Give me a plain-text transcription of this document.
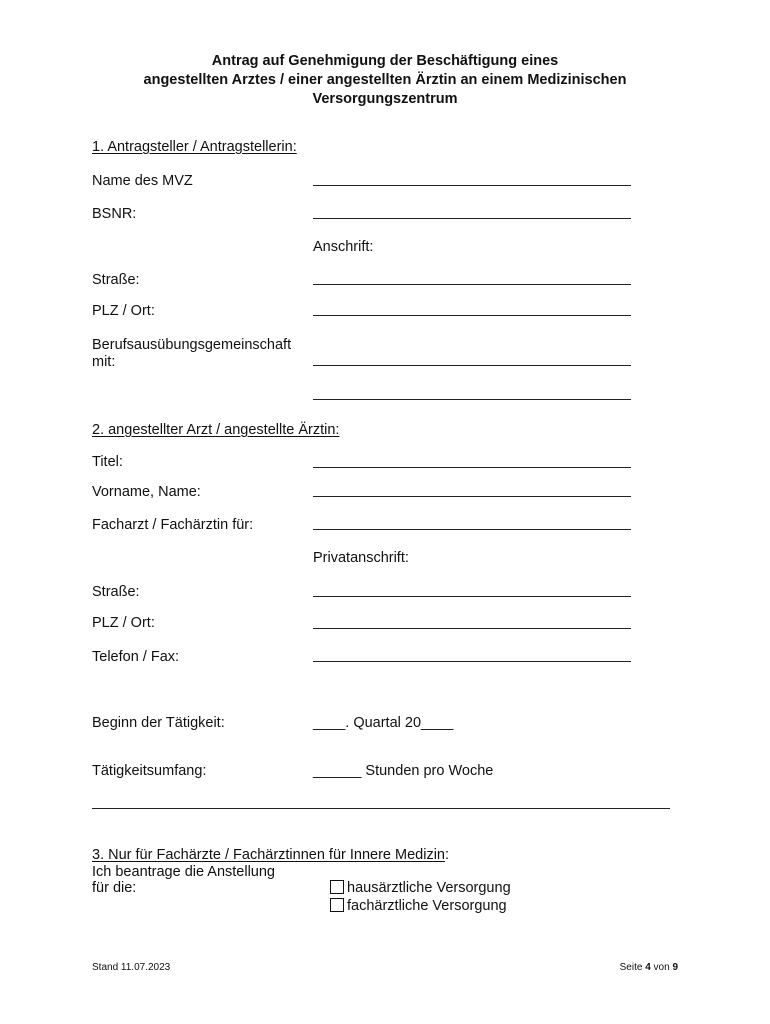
Antrag auf Genehmigung der Beschäftigung eines
angestellten Arztes / einer angestellten Ärztin an einem Medizinischen
Versorgungszentrum
1. Antragsteller / Antragstellerin:
Name des MVZ
BSNR:
Anschrift:
Straße:
PLZ / Ort:
Berufsausübungsgemeinschaft
mit:
2. angestellter Arzt / angestellte Ärztin:
Titel:
Vorname, Name:
Facharzt / Fachärztin für:
Privatanschrift:
Straße:
PLZ / Ort:
Telefon / Fax:
Beginn der Tätigkeit:	____. Quartal 20____
Tätigkeitsumfang:	______ Stunden pro Woche
3. Nur für Fachärzte / Fachärztinnen für Innere Medizin:
Ich beantrage die Anstellung
für die:	hausärztliche Versorgung
fachärztliche Versorgung
Stand 11.07.2023	Seite 4 von 9
